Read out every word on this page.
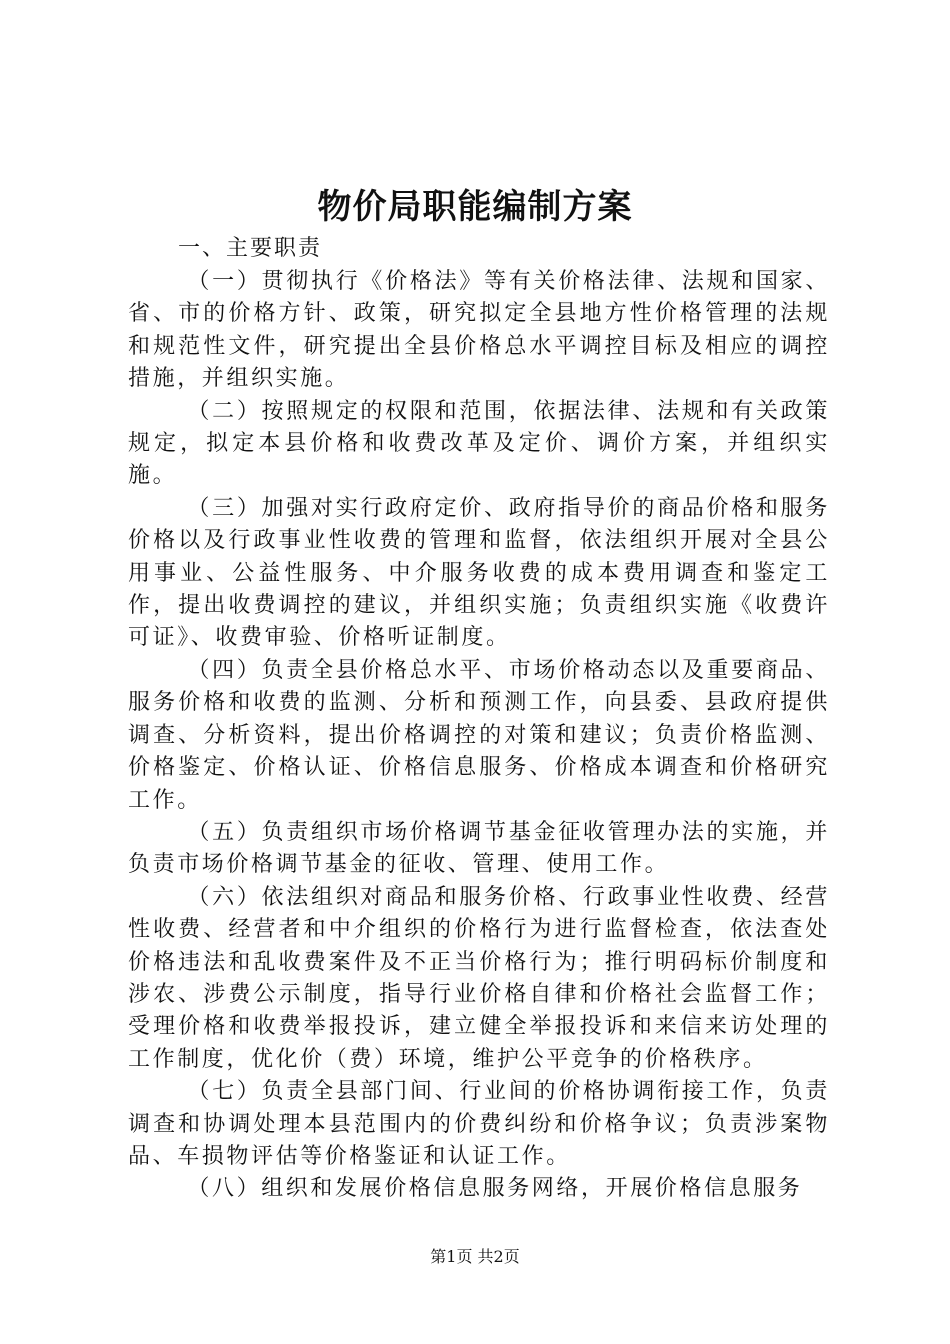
物价局职能编制方案
一、主要职责

（一）贯彻执行《价格法》等有关价格法律、法规和国家、省、市的价格方针、政策，研究拟定全县地方性价格管理的法规和规范性文件，研究提出全县价格总水平调控目标及相应的调控措施，并组织实施。

（二）按照规定的权限和范围，依据法律、法规和有关政策规定，拟定本县价格和收费改革及定价、调价方案，并组织实施。

（三）加强对实行政府定价、政府指导价的商品价格和服务价格以及行政事业性收费的管理和监督，依法组织开展对全县公用事业、公益性服务、中介服务收费的成本费用调查和鉴定工作，提出收费调控的建议，并组织实施；负责组织实施《收费许可证》、收费审验、价格听证制度。

（四）负责全县价格总水平、市场价格动态以及重要商品、服务价格和收费的监测、分析和预测工作，向县委、县政府提供调查、分析资料，提出价格调控的对策和建议；负责价格监测、价格鉴定、价格认证、价格信息服务、价格成本调查和价格研究工作。

（五）负责组织市场价格调节基金征收管理办法的实施，并负责市场价格调节基金的征收、管理、使用工作。

（六）依法组织对商品和服务价格、行政事业性收费、经营性收费、经营者和中介组织的价格行为进行监督检查，依法查处价格违法和乱收费案件及不正当价格行为；推行明码标价制度和涉农、涉费公示制度，指导行业价格自律和价格社会监督工作；受理价格和收费举报投诉，建立健全举报投诉和来信来访处理的工作制度，优化价（费）环境，维护公平竞争的价格秩序。

（七）负责全县部门间、行业间的价格协调衔接工作，负责调查和协调处理本县范围内的价费纠纷和价格争议；负责涉案物品、车损物评估等价格鉴证和认证工作。

（八）组织和发展价格信息服务网络，开展价格信息服务

第1页 共2页
